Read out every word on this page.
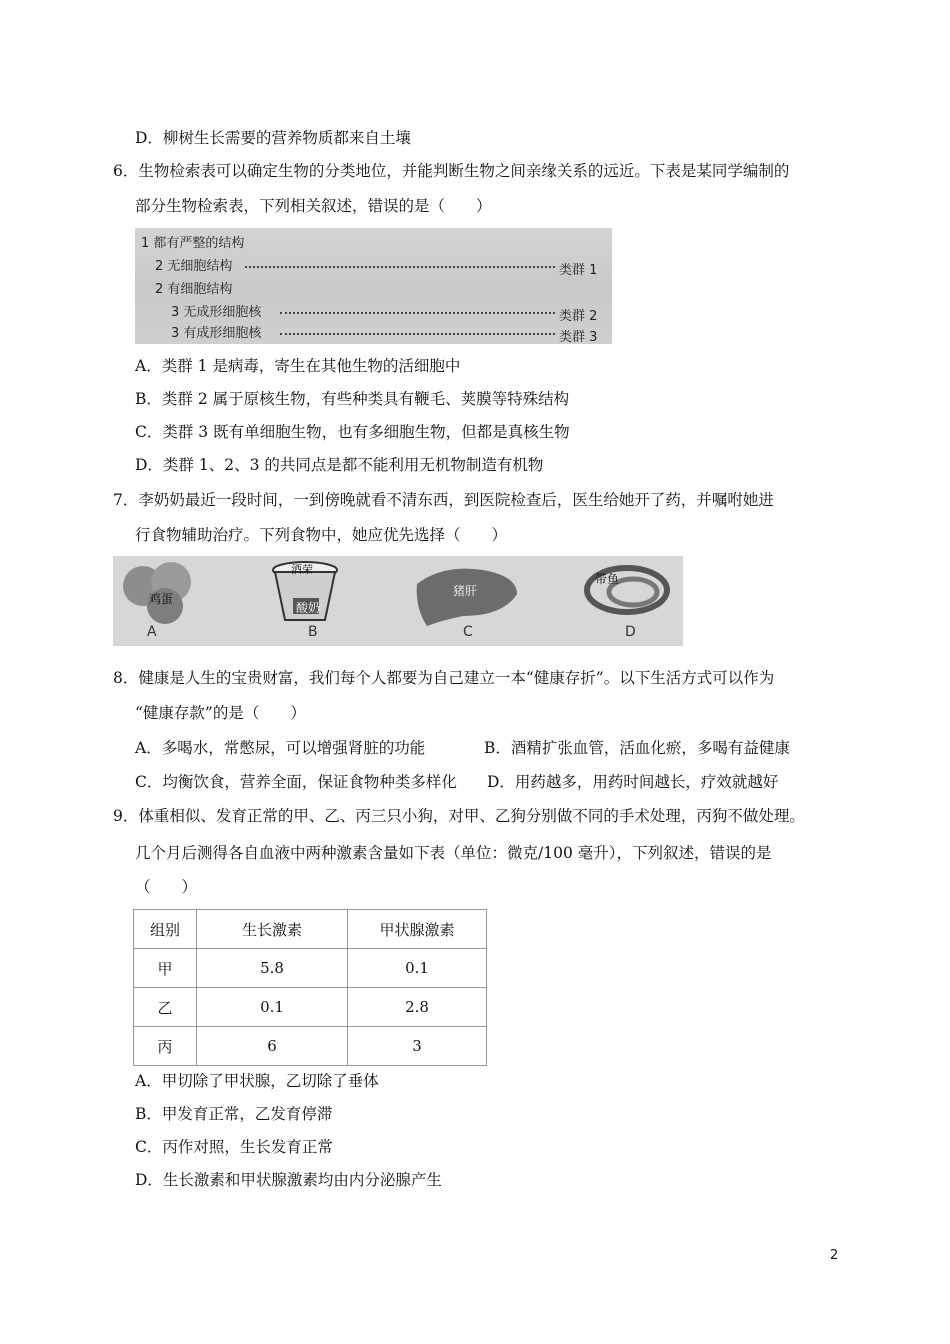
D．柳树生长需要的营养物质都来自土壤
6．生物检索表可以确定生物的分类地位，并能判断生物之间亲缘关系的远近。下表是某同学编制的
部分生物检索表，下列相关叙述，错误的是（　　）
1 都有严整的结构
2 无细胞结构	类群 1
2 有细胞结构
3 无成形细胞核	类群 2
3 有成形细胞核	类群 3
A．类群 1 是病毒，寄生在其他生物的活细胞中
B．类群 2 属于原核生物，有些种类具有鞭毛、荚膜等特殊结构
C．类群 3 既有单细胞生物，也有多细胞生物，但都是真核生物
D．类群 1、2、3 的共同点是都不能利用无机物制造有机物
7．李奶奶最近一段时间，一到傍晚就看不清东西，到医院检查后，医生给她开了药，并嘱咐她进
行食物辅助治疗。下列食物中，她应优先选择（　　）
鸡蛋
A
酒荣
酸奶
B
猪肝
C
带鱼
D
8．健康是人生的宝贵财富，我们每个人都要为自己建立一本“健康存折”。以下生活方式可以作为
“健康存款”的是（　　）
A．多喝水，常憋尿，可以增强肾脏的功能	B．酒精扩张血管，活血化瘀，多喝有益健康
C．均衡饮食，营养全面，保证食物种类多样化 D．用药越多，用药时间越长，疗效就越好
9．体重相似、发育正常的甲、乙、丙三只小狗，对甲、乙狗分别做不同的手术处理，丙狗不做处理。
几个月后测得各自血液中两种激素含量如下表（单位：微克/100 毫升），下列叙述，错误的是
（　　）
组别	生长激素	甲状腺激素
甲	5.8	0.1
乙	0.1	2.8
丙	6	3
A．甲切除了甲状腺，乙切除了垂体
B．甲发育正常，乙发育停滞
C．丙作对照，生长发育正常
D．生长激素和甲状腺激素均由内分泌腺产生
2
